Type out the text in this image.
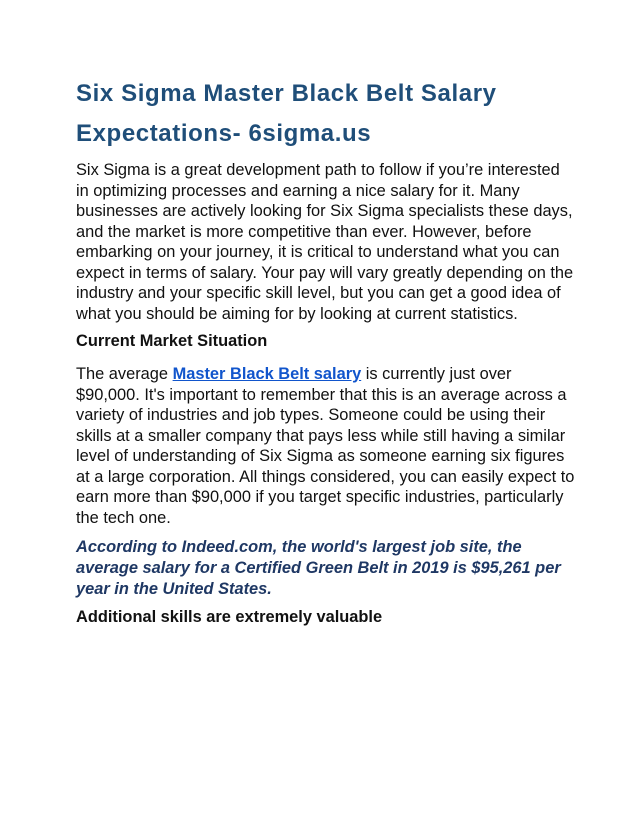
Six Sigma Master Black Belt Salary Expectations- 6sigma.us

Six Sigma is a great development path to follow if you’re interested in optimizing processes and earning a nice salary for it. Many businesses are actively looking for Six Sigma specialists these days, and the market is more competitive than ever. However, before embarking on your journey, it is critical to understand what you can expect in terms of salary. Your pay will vary greatly depending on the industry and your specific skill level, but you can get a good idea of what you should be aiming for by looking at current statistics.

Current Market Situation

The average Master Black Belt salary is currently just over $90,000. It's important to remember that this is an average across a variety of industries and job types. Someone could be using their skills at a smaller company that pays less while still having a similar level of understanding of Six Sigma as someone earning six figures at a large corporation. All things considered, you can easily expect to earn more than $90,000 if you target specific industries, particularly the tech one.

According to Indeed.com, the world's largest job site, the average salary for a Certified Green Belt in 2019 is $95,261 per year in the United States.

Additional skills are extremely valuable
